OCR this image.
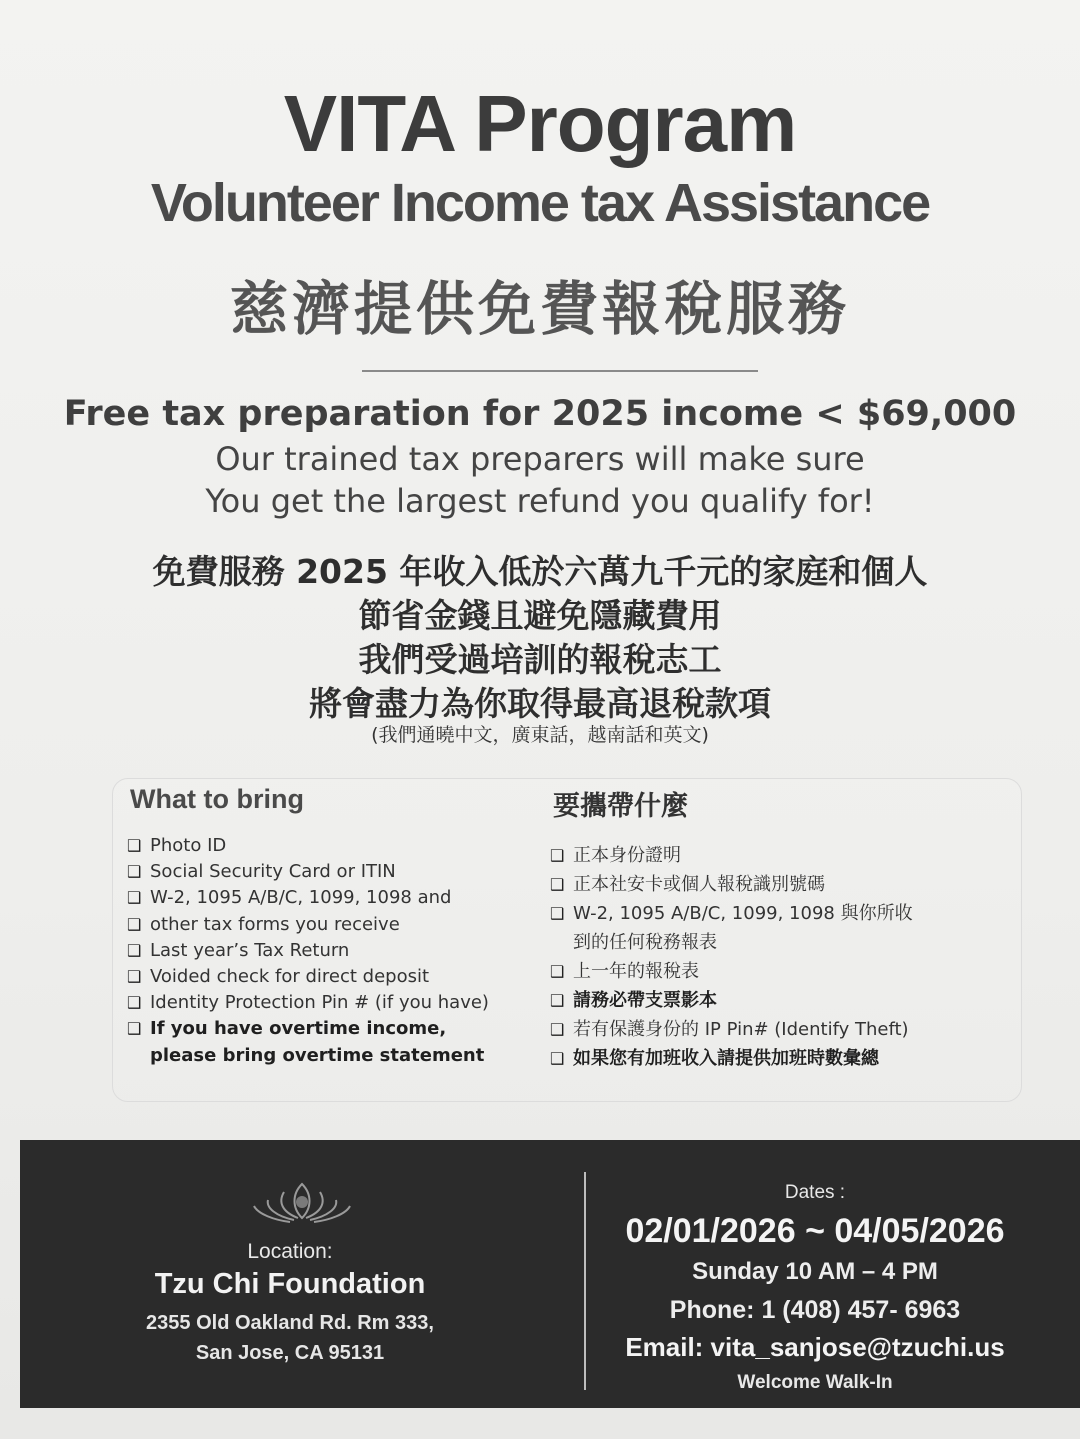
VITA Program
Volunteer Income tax Assistance
慈濟提供免費報稅服務
Free tax preparation for 2025 income < $69,000
Our trained tax preparers will make sure
You get the largest refund you qualify for!
免費服務 2025 年收入低於六萬九千元的家庭和個人
節省金錢且避免隱藏費用
我們受過培訓的報稅志工
將會盡力為你取得最高退稅款項
(我們通曉中文，廣東話，越南話和英文)
What to bring
❑ Photo ID
❑ Social Security Card or ITIN
❑ W-2, 1095 A/B/C, 1099, 1098 and
❑ other tax forms you receive
❑ Last year’s Tax Return
❑ Voided check for direct deposit
❑ Identity Protection Pin # (if you have)
❑ If you have overtime income,
please bring overtime statement
要攜帶什麼
❑ 正本身份證明
❑ 正本社安卡或個人報稅識別號碼
❑ W-2, 1095 A/B/C, 1099, 1098 與你所收
到的任何稅務報表
❑ 上一年的報稅表
❑ 請務必帶支票影本
❑ 若有保護身份的 IP Pin# (Identify Theft)
❑ 如果您有加班收入請提供加班時數彙總
Location:
Tzu Chi Foundation
2355 Old Oakland Rd. Rm 333,
San Jose, CA 95131
Dates :
02/01/2026 ~ 04/05/2026
Sunday 10 AM – 4 PM
Phone: 1 (408) 457- 6963
Email: vita_sanjose@tzuchi.us
Welcome Walk-In
